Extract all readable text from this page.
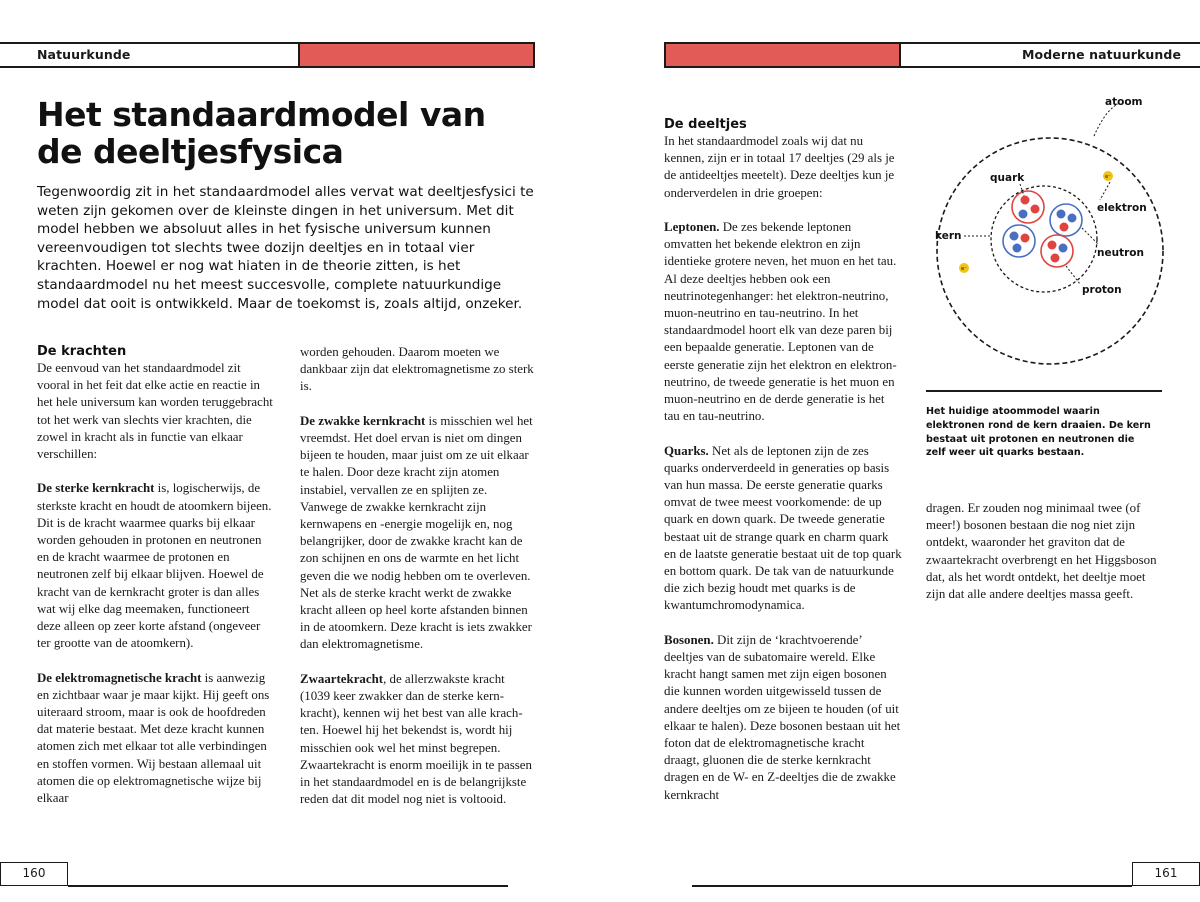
Natuurkunde	Moderne natuurkunde
Het standaardmodel van
de deeltjesfysica
Tegenwoordig zit in het standaardmodel alles vervat wat deeltjesfysici te weten zijn gekomen over de kleinste dingen in het universum. Met dit model hebben we absoluut alles in het fysische universum kunnen vereenvoudigen tot slechts twee dozijn deeltjes en in totaal vier krachten. Hoewel er nog wat hiaten in de theorie zitten, is het standaardmodel nu het meest succesvolle, complete natuurkundige model dat ooit is ontwikkeld. Maar de toekomst is, zoals altijd, onzeker.
De krachten

De eenvoud van het standaardmodel zit vooral in het feit dat elke actie en reactie in het hele universum kan worden teruggebracht tot het werk van slechts vier krachten, die zowel in kracht als in functie van elkaar verschillen:

De sterke kernkracht is, logischerwijs, de sterkste kracht en houdt de atoomkern bijeen. Dit is de kracht waarmee quarks bij elkaar worden gehouden in protonen en neutronen en de kracht waarmee de protonen en neutronen zelf bij elkaar blijven. Hoewel de kracht van de kernkracht groter is dan alles wat wij elke dag meemaken, functioneert deze alleen op zeer korte afstand (ongeveer ter grootte van de atoomkern).

De elektromagnetische kracht is aanwezig en zichtbaar waar je maar kijkt. Hij geeft ons uiteraard stroom, maar is ook de hoofdreden dat materie bestaat. Met deze kracht kunnen atomen zich met elkaar tot alle verbindingen en stoffen vormen. Wij bestaan allemaal uit atomen die op elektromagnetische wijze bij elkaar

worden gehouden. Daarom moeten we dankbaar zijn dat elektromagnetisme zo sterk is.

De zwakke kernkracht is misschien wel het vreemdst. Het doel ervan is niet om dingen bijeen te houden, maar juist om ze uit elkaar te halen. Door deze kracht zijn atomen instabiel, vervallen ze en splijten ze. Vanwege de zwakke kernkracht zijn kernwapens en -energie mogelijk en, nog belangrijker, door de zwakke kracht kan de zon schijnen en ons de warmte en het licht geven die we nodig hebben om te overleven. Net als de sterke kracht werkt de zwakke kracht alleen op heel korte afstanden binnen in de atoomkern. Deze kracht is iets zwakker dan elektromagnetisme.

Zwaartekracht, de allerzwakste kracht (1039 keer zwakker dan de sterke kernkracht), kennen wij het best van alle krachten. Hoewel hij het bekendst is, wordt hij misschien ook wel het minst begrepen. Zwaartekracht is enorm moeilijk in te passen in het standaardmodel en is de belangrijkste reden dat dit model nog niet is voltooid.

De deeltjes

In het standaardmodel zoals wij dat nu kennen, zijn er in totaal 17 deeltjes (29 als je de antideeltjes meetelt). Deze deeltjes kun je onderverdelen in drie groepen:

Leptonen. De zes bekende leptonen omvatten het bekende elektron en zijn identieke grotere neven, het muon en het tau. Al deze deeltjes hebben ook een neutrinotegenhanger: het elektron-neutrino, muon-neutrino en tau-neutrino. In het standaardmodel hoort elk van deze paren bij een bepaalde generatie. Leptonen van de eerste generatie zijn het elektron en elektron-neutrino, de tweede generatie is het muon en muon-neutrino en de derde generatie is het tau en tau-neutrino.

Quarks. Net als de leptonen zijn de zes quarks onderverdeeld in generaties op basis van hun massa. De eerste generatie quarks omvat de twee meest voorkomende: de up quark en down quark. De tweede generatie bestaat uit de strange quark en charm quark en de laatste generatie bestaat uit de top quark en bottom quark. De tak van de natuurkunde die zich bezig houdt met quarks is de kwantumchromodynamica.

Bosonen. Dit zijn de ‘krachtvoerende’ deeltjes van de subatomaire wereld. Elke kracht hangt samen met zijn eigen bosonen die kunnen worden uitgewisseld tussen de andere deeltjes om ze bijeen te houden (of uit elkaar te halen). Deze bosonen bestaan uit het foton dat de elektromagnetische kracht draagt, gluonen die de sterke kernkracht dragen en de W- en Z-deeltjes die de zwakke kernkracht

dragen. Er zouden nog minimaal twee (of meer!) bosonen bestaan die nog niet zijn ontdekt, waaronder het graviton dat de zwaartekracht overbrengt en het Higgsboson dat, als het wordt ontdekt, het deeltje moet zijn dat alle andere deeltjes massa geeft.

e⁻
e⁻
atoom
quark
elektron
kern
neutron
proton
Het huidige atoommodel waarin elektronen rond de kern draaien. De kern bestaat uit protonen en neutronen die zelf weer uit quarks bestaan.
160	161
